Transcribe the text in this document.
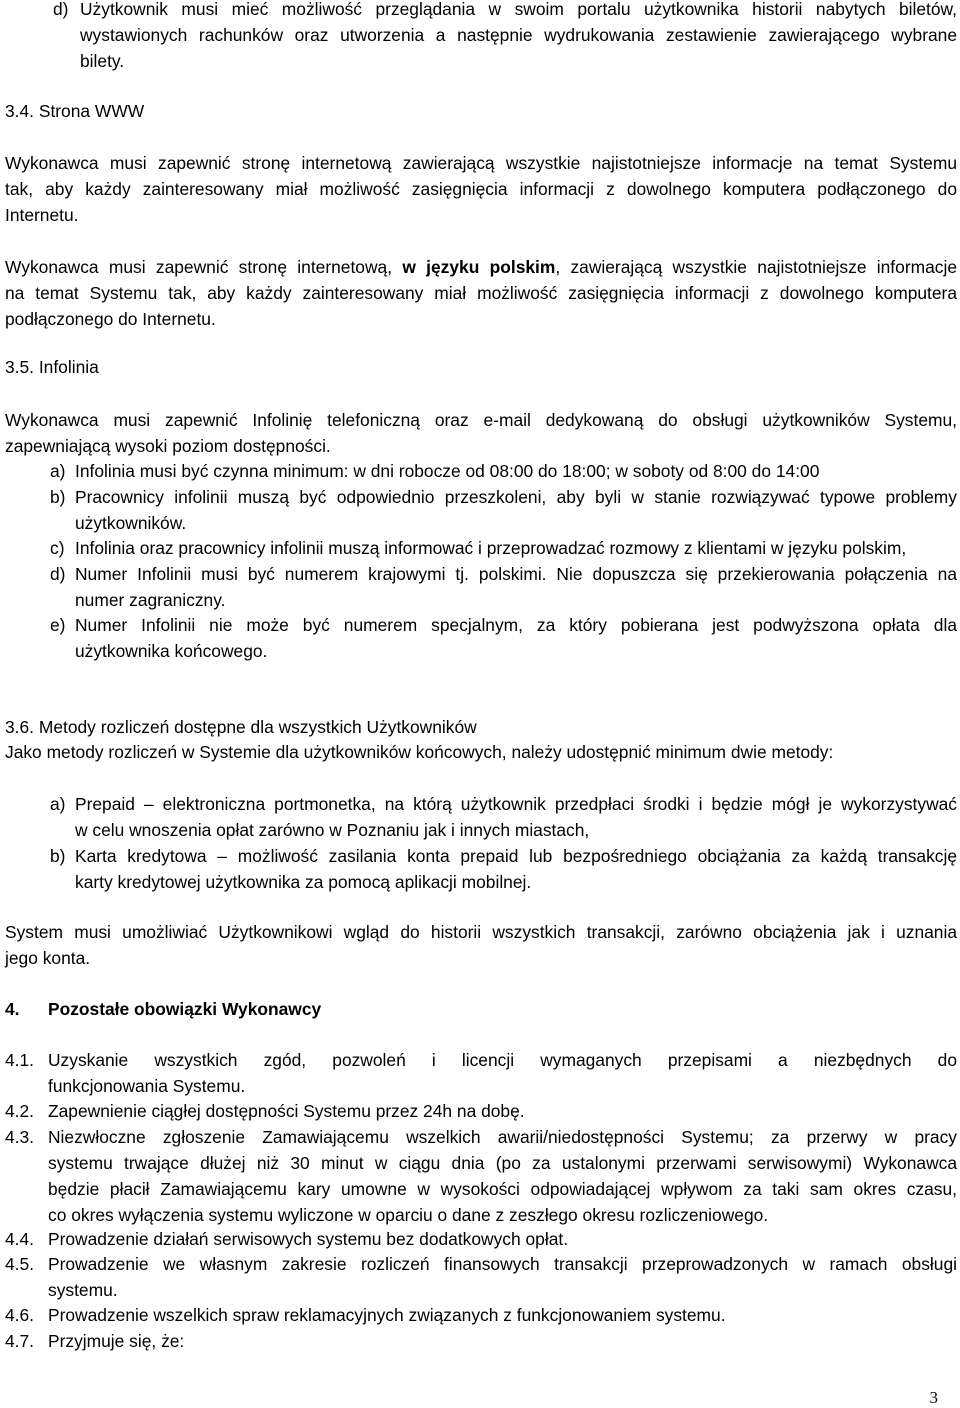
d) Użytkownik musi mieć możliwość przeglądania w swoim portalu użytkownika historii nabytych biletów,
wystawionych rachunków oraz utworzenia a następnie wydrukowania zestawienie zawierającego wybrane
bilety.
3.4. Strona WWW
Wykonawca musi zapewnić stronę internetową zawierającą wszystkie najistotniejsze informacje na temat Systemu
tak, aby każdy zainteresowany miał możliwość zasięgnięcia informacji z dowolnego komputera podłączonego do
Internetu.
Wykonawca musi zapewnić stronę internetową, w języku polskim, zawierającą wszystkie najistotniejsze informacje
na temat Systemu tak, aby każdy zainteresowany miał możliwość zasięgnięcia informacji z dowolnego komputera
podłączonego do Internetu.
3.5. Infolinia
Wykonawca musi zapewnić Infolinię telefoniczną oraz e-mail dedykowaną do obsługi użytkowników Systemu,
zapewniającą wysoki poziom dostępności.
a) Infolinia musi być czynna minimum: w dni robocze od 08:00 do 18:00; w soboty od 8:00 do 14:00
b) Pracownicy infolinii muszą być odpowiednio przeszkoleni, aby byli w stanie rozwiązywać typowe problemy
użytkowników.
c) Infolinia oraz pracownicy infolinii muszą informować i przeprowadzać rozmowy z klientami w języku polskim,
d) Numer Infolinii musi być numerem krajowymi tj. polskimi. Nie dopuszcza się przekierowania połączenia na
numer zagraniczny.
e) Numer Infolinii nie może być numerem specjalnym, za który pobierana jest podwyższona opłata dla
użytkownika końcowego.
3.6. Metody rozliczeń dostępne dla wszystkich Użytkowników
Jako metody rozliczeń w Systemie dla użytkowników końcowych, należy udostępnić minimum dwie metody:
a) Prepaid – elektroniczna portmonetka, na którą użytkownik przedpłaci środki i będzie mógł je wykorzystywać
w celu wnoszenia opłat zarówno w Poznaniu jak i innych miastach,
b) Karta kredytowa – możliwość zasilania konta prepaid lub bezpośredniego obciążania za każdą transakcję
karty kredytowej użytkownika za pomocą aplikacji mobilnej.
System musi umożliwiać Użytkownikowi wgląd do historii wszystkich transakcji, zarówno obciążenia jak i uznania
jego konta.
4. Pozostałe obowiązki Wykonawcy
4.1. Uzyskanie wszystkich zgód, pozwoleń i licencji wymaganych przepisami a niezbędnych do
funkcjonowania Systemu.
4.2. Zapewnienie ciągłej dostępności Systemu przez 24h na dobę.
4.3. Niezwłoczne zgłoszenie Zamawiającemu wszelkich awarii/niedostępności Systemu; za przerwy w pracy
systemu trwające dłużej niż 30 minut w ciągu dnia (po za ustalonymi przerwami serwisowymi) Wykonawca
będzie płacił Zamawiającemu kary umowne w wysokości odpowiadającej wpływom za taki sam okres czasu,
co okres wyłączenia systemu wyliczone w oparciu o dane z zeszłego okresu rozliczeniowego.
4.4. Prowadzenie działań serwisowych systemu bez dodatkowych opłat.
4.5. Prowadzenie we własnym zakresie rozliczeń finansowych transakcji przeprowadzonych w ramach obsługi
systemu.
4.6. Prowadzenie wszelkich spraw reklamacyjnych związanych z funkcjonowaniem systemu.
4.7. Przyjmuje się, że:
3
